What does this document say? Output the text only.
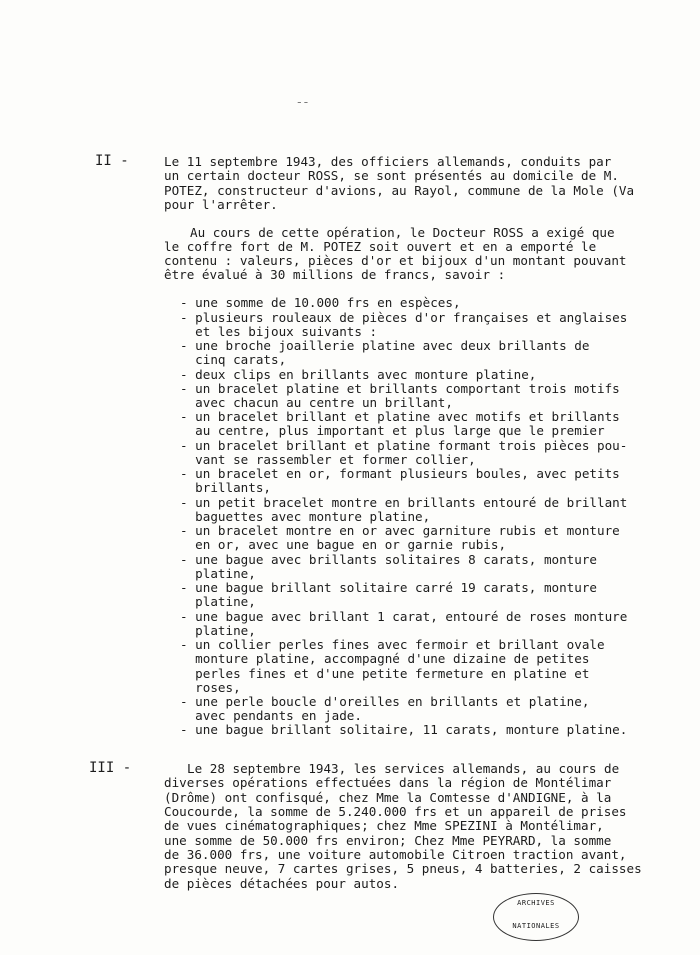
¯¯
II -	Le 11 septembre 1943, des officiers allemands, conduits par
un certain docteur ROSS, se sont présentés au domicile de M.
POTEZ, constructeur d'avions, au Rayol, commune de la Mole (Va
pour l'arrêter.
Au cours de cette opération, le Docteur ROSS a exigé que
le coffre fort de M. POTEZ soit ouvert et en a emporté le
contenu : valeurs, pièces d'or et bijoux d'un montant pouvant
être évalué à 30 millions de francs, savoir :
- une somme de 10.000 frs en espèces,
- plusieurs rouleaux de pièces d'or françaises et anglaises
et les bijoux suivants :
- une broche joaillerie platine avec deux brillants de
cinq carats,
- deux clips en brillants avec monture platine,
- un bracelet platine et brillants comportant trois motifs
avec chacun au centre un brillant,
- un bracelet brillant et platine avec motifs et brillants
au centre, plus important et plus large que le premier
- un bracelet brillant et platine formant trois pièces pou-
vant se rassembler et former collier,
- un bracelet en or, formant plusieurs boules, avec petits
brillants,
- un petit bracelet montre en brillants entouré de brillant
baguettes avec monture platine,
- un bracelet montre en or avec garniture rubis et monture
en or, avec une bague en or garnie rubis,
- une bague avec brillants solitaires 8 carats, monture
platine,
- une bague brillant solitaire carré 19 carats, monture
platine,
- une bague avec brillant 1 carat, entouré de roses monture
platine,
- un collier perles fines avec fermoir et brillant ovale
monture platine, accompagné d'une dizaine de petites
perles fines et d'une petite fermeture en platine et
roses,
- une perle boucle d'oreilles en brillants et platine,
avec pendants en jade.
- une bague brillant solitaire, 11 carats, monture platine.
III -	Le 28 septembre 1943, les services allemands, au cours de
diverses opérations effectuées dans la région de Montélimar
(Drôme) ont confisqué, chez Mme la Comtesse d'ANDIGNE, à la
Coucourde, la somme de 5.240.000 frs et un appareil de prises
de vues cinématographiques; chez Mme SPEZINI à Montélimar,
une somme de 50.000 frs environ; Chez Mme PEYRARD, la somme
de 36.000 frs, une voiture automobile Citroen traction avant,
presque neuve, 7 cartes grises, 5 pneus, 4 batteries, 2 caisses
de pièces détachées pour autos.
ARCHIVES
NATIONALES
